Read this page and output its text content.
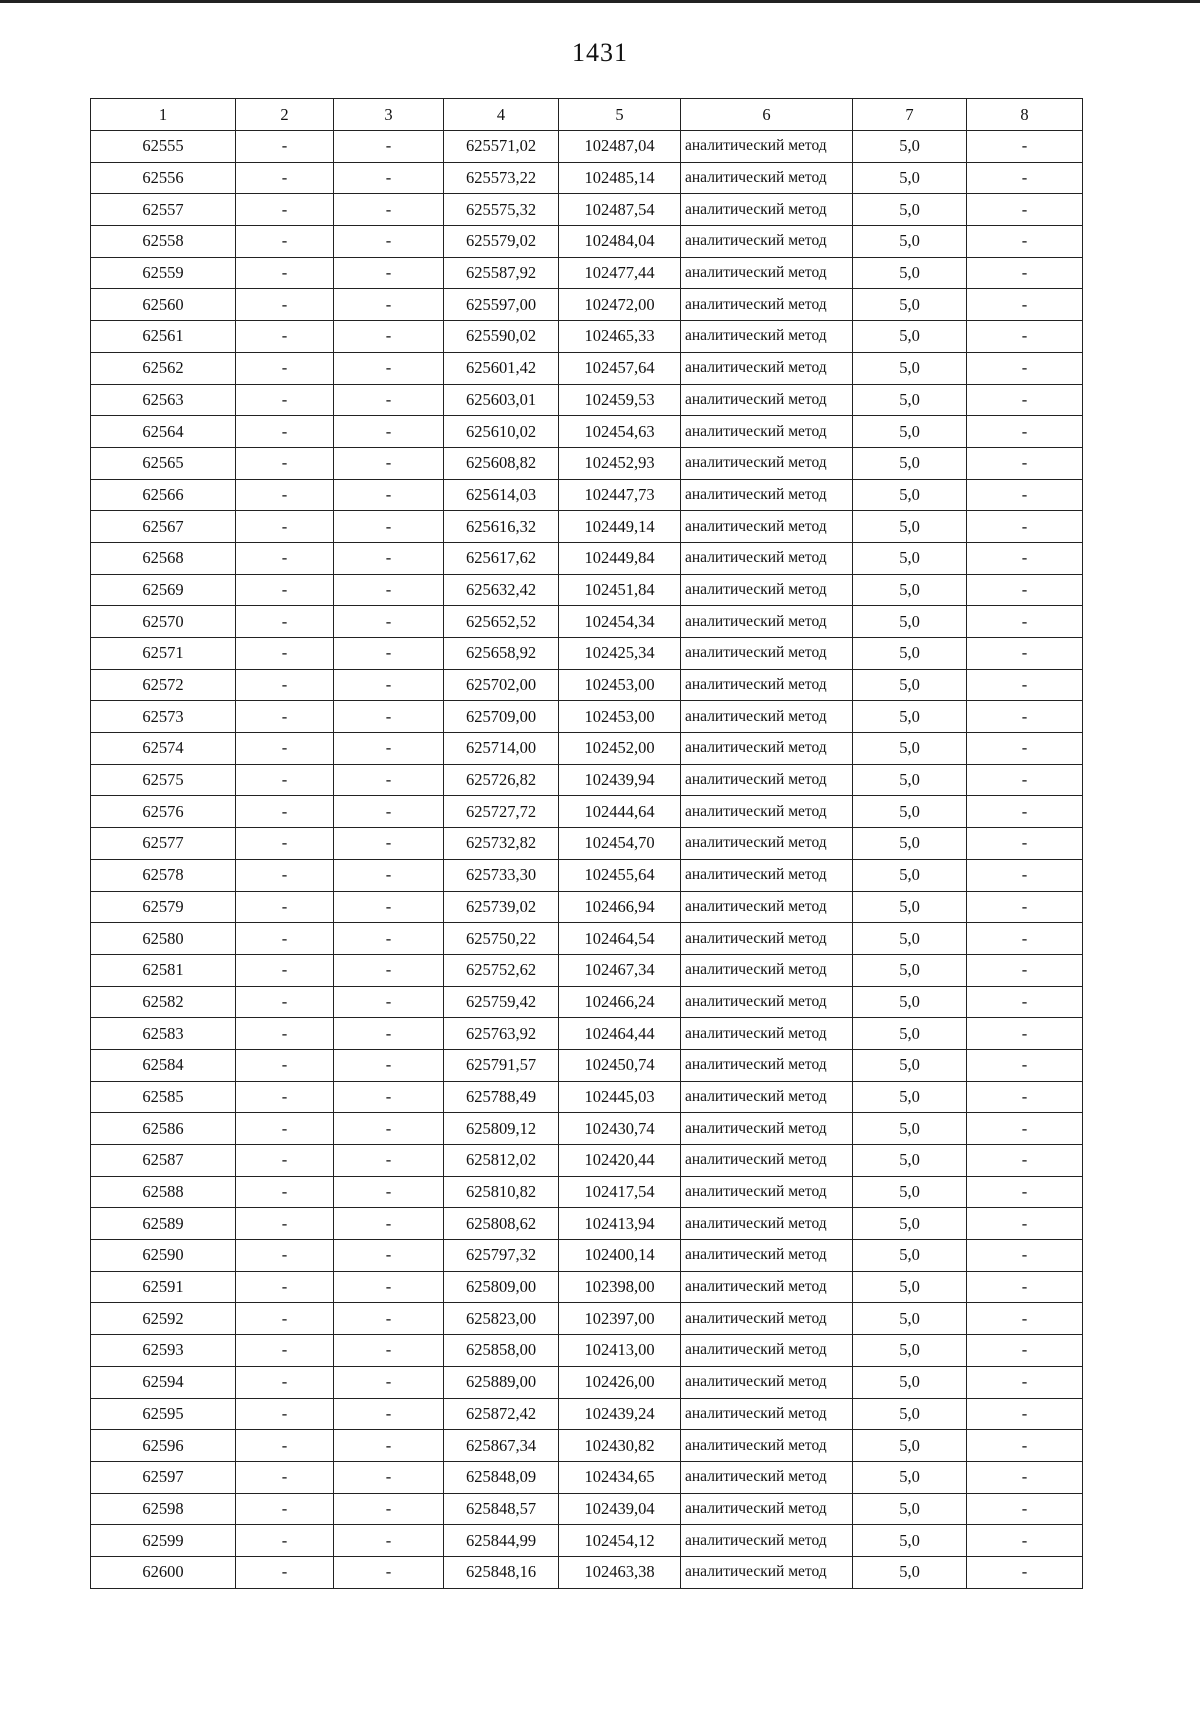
1431
1	2	3	4	5	6	7	8
62555	-	-	625571,02	102487,04	аналитический метод	5,0	-
62556	-	-	625573,22	102485,14	аналитический метод	5,0	-
62557	-	-	625575,32	102487,54	аналитический метод	5,0	-
62558	-	-	625579,02	102484,04	аналитический метод	5,0	-
62559	-	-	625587,92	102477,44	аналитический метод	5,0	-
62560	-	-	625597,00	102472,00	аналитический метод	5,0	-
62561	-	-	625590,02	102465,33	аналитический метод	5,0	-
62562	-	-	625601,42	102457,64	аналитический метод	5,0	-
62563	-	-	625603,01	102459,53	аналитический метод	5,0	-
62564	-	-	625610,02	102454,63	аналитический метод	5,0	-
62565	-	-	625608,82	102452,93	аналитический метод	5,0	-
62566	-	-	625614,03	102447,73	аналитический метод	5,0	-
62567	-	-	625616,32	102449,14	аналитический метод	5,0	-
62568	-	-	625617,62	102449,84	аналитический метод	5,0	-
62569	-	-	625632,42	102451,84	аналитический метод	5,0	-
62570	-	-	625652,52	102454,34	аналитический метод	5,0	-
62571	-	-	625658,92	102425,34	аналитический метод	5,0	-
62572	-	-	625702,00	102453,00	аналитический метод	5,0	-
62573	-	-	625709,00	102453,00	аналитический метод	5,0	-
62574	-	-	625714,00	102452,00	аналитический метод	5,0	-
62575	-	-	625726,82	102439,94	аналитический метод	5,0	-
62576	-	-	625727,72	102444,64	аналитический метод	5,0	-
62577	-	-	625732,82	102454,70	аналитический метод	5,0	-
62578	-	-	625733,30	102455,64	аналитический метод	5,0	-
62579	-	-	625739,02	102466,94	аналитический метод	5,0	-
62580	-	-	625750,22	102464,54	аналитический метод	5,0	-
62581	-	-	625752,62	102467,34	аналитический метод	5,0	-
62582	-	-	625759,42	102466,24	аналитический метод	5,0	-
62583	-	-	625763,92	102464,44	аналитический метод	5,0	-
62584	-	-	625791,57	102450,74	аналитический метод	5,0	-
62585	-	-	625788,49	102445,03	аналитический метод	5,0	-
62586	-	-	625809,12	102430,74	аналитический метод	5,0	-
62587	-	-	625812,02	102420,44	аналитический метод	5,0	-
62588	-	-	625810,82	102417,54	аналитический метод	5,0	-
62589	-	-	625808,62	102413,94	аналитический метод	5,0	-
62590	-	-	625797,32	102400,14	аналитический метод	5,0	-
62591	-	-	625809,00	102398,00	аналитический метод	5,0	-
62592	-	-	625823,00	102397,00	аналитический метод	5,0	-
62593	-	-	625858,00	102413,00	аналитический метод	5,0	-
62594	-	-	625889,00	102426,00	аналитический метод	5,0	-
62595	-	-	625872,42	102439,24	аналитический метод	5,0	-
62596	-	-	625867,34	102430,82	аналитический метод	5,0	-
62597	-	-	625848,09	102434,65	аналитический метод	5,0	-
62598	-	-	625848,57	102439,04	аналитический метод	5,0	-
62599	-	-	625844,99	102454,12	аналитический метод	5,0	-
62600	-	-	625848,16	102463,38	аналитический метод	5,0	-
